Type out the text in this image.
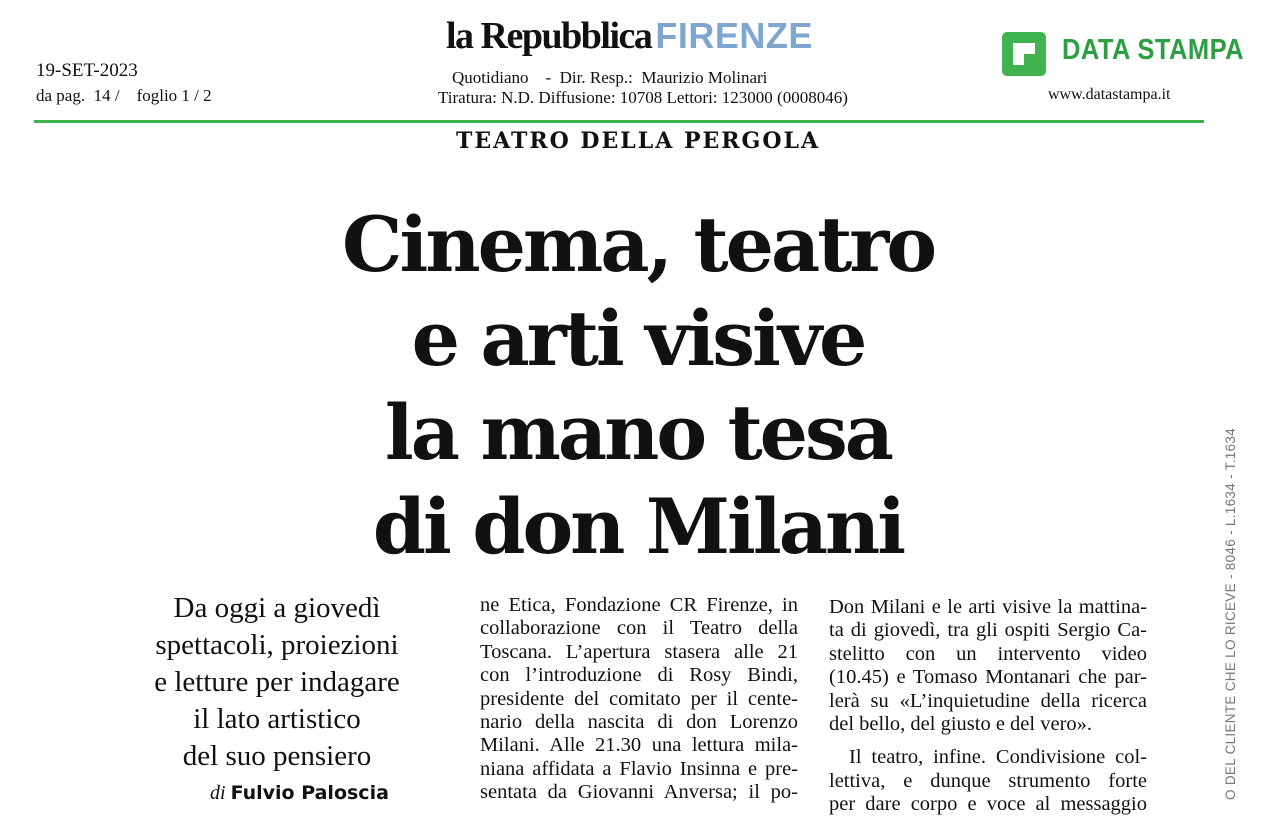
19-SET-2023
da pag.  14 /    foglio 1 / 2
la Repubblica FIRENZE
Quotidiano    -  Dir. Resp.:  Maurizio Molinari
Tiratura: N.D. Diffusione: 10708 Lettori: 123000 (0008046)
DATA STAMPA
www.datastampa.it
TEATRO DELLA PERGOLA
Cinema, teatro
e arti visive
la mano tesa
di don Milani
Da oggi a giovedì
spettacoli, proiezioni
e letture per indagare
il lato artistico
del suo pensiero
di Fulvio Paloscia
ne Etica, Fondazione CR Firenze, in
collaborazione con il Teatro della
Toscana. L’apertura stasera alle 21
con l’introduzione di Rosy Bindi,
presidente del comitato per il cente-
nario della nascita di don Lorenzo
Milani. Alle 21.30 una lettura mila-
niana affidata a Flavio Insinna e pre-
sentata da Giovanni Anversa; il po-
Don Milani e le arti visive la mattina-
ta di giovedì, tra gli ospiti Sergio Ca-
stelitto con un intervento video
(10.45) e Tomaso Montanari che par-
lerà su «L’inquietudine della ricerca
del bello, del giusto e del vero».
Il teatro, infine. Condivisione col-
lettiva, e dunque strumento forte
per dare corpo e voce al messaggio
O DEL CLIENTE CHE LO RICEVE - 8046 - L.1634 - T.1634
